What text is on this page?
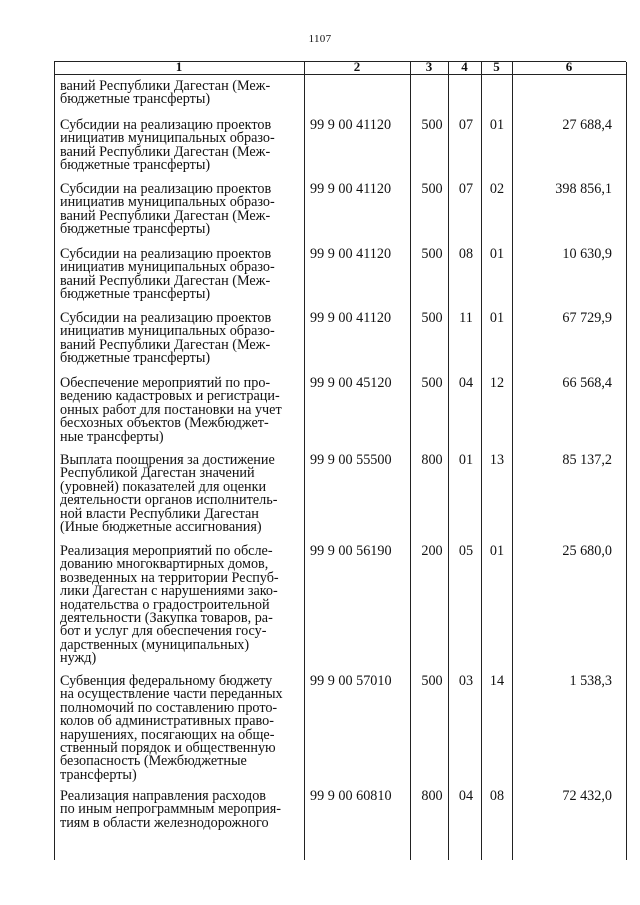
1107
1	2	3	4	5	6
ваний Республики Дагестан (Меж-
бюджетные трансферты)
Субсидии на реализацию проектов
инициатив муниципальных образо-
ваний Республики Дагестан (Меж-
бюджетные трансферты)
99 9 00 41120	500	07	01	27 688,4
Субсидии на реализацию проектов
инициатив муниципальных образо-
ваний Республики Дагестан (Меж-
бюджетные трансферты)
99 9 00 41120	500	07	02	398 856,1
Субсидии на реализацию проектов
инициатив муниципальных образо-
ваний Республики Дагестан (Меж-
бюджетные трансферты)
99 9 00 41120	500	08	01	10 630,9
Субсидии на реализацию проектов
инициатив муниципальных образо-
ваний Республики Дагестан (Меж-
бюджетные трансферты)
99 9 00 41120	500	11	01	67 729,9
Обеспечение мероприятий по про-
ведению кадастровых и регистраци-
онных работ для постановки на учет
бесхозных объектов (Межбюджет-
ные трансферты)
99 9 00 45120	500	04	12	66 568,4
Выплата поощрения за достижение
Республикой Дагестан значений
(уровней) показателей для оценки
деятельности органов исполнитель-
ной власти Республики Дагестан
(Иные бюджетные ассигнования)
99 9 00 55500	800	01	13	85 137,2
Реализация мероприятий по обсле-
дованию многоквартирных домов,
возведенных на территории Респуб-
лики Дагестан с нарушениями зако-
нодательства о градостроительной
деятельности (Закупка товаров, ра-
бот и услуг для обеспечения госу-
дарственных (муниципальных)
нужд)
99 9 00 56190	200	05	01	25 680,0
Субвенция федеральному бюджету
на осуществление части переданных
полномочий по составлению прото-
колов об административных право-
нарушениях, посягающих на обще-
ственный порядок и общественную
безопасность (Межбюджетные
трансферты)
99 9 00 57010	500	03	14	1 538,3
Реализация направления расходов
по иным непрограммным мероприя-
тиям в области железнодорожного
99 9 00 60810	800	04	08	72 432,0
